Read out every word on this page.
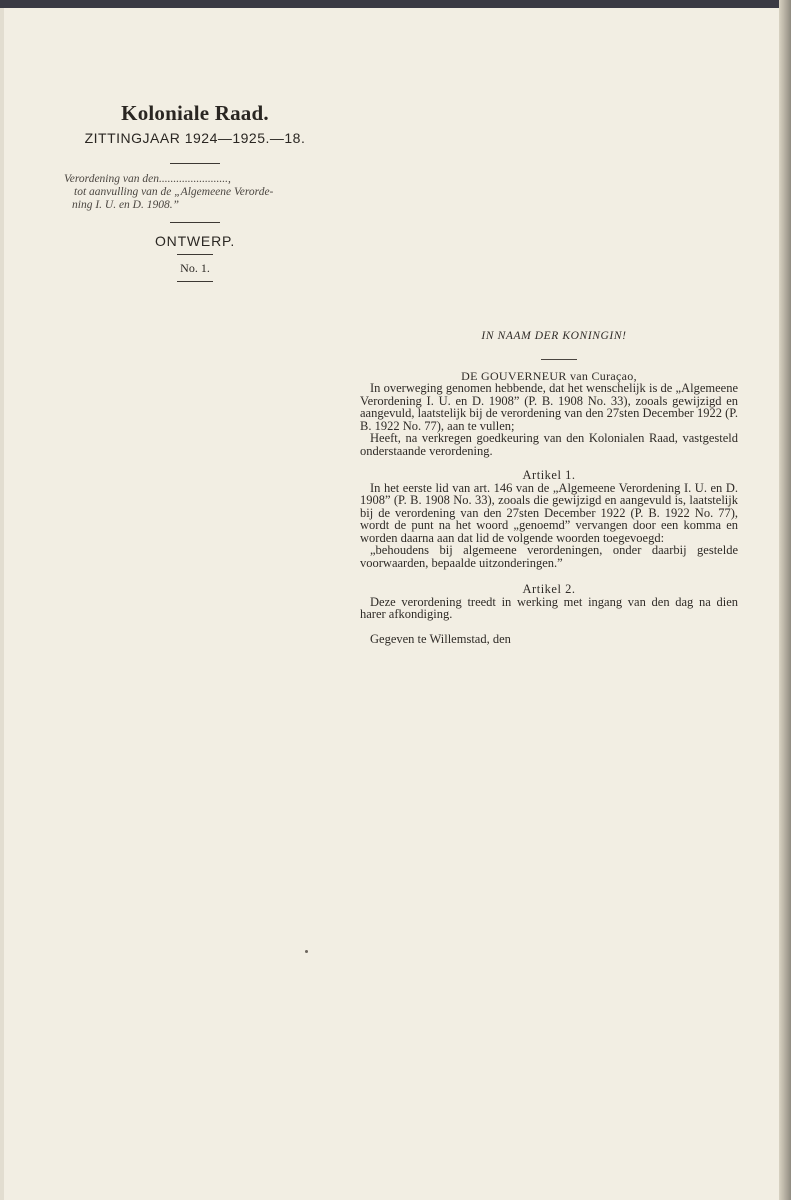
Koloniale Raad.
ZITTINGJAAR 1924—1925.—18.
Verordening van den........................,
tot aanvulling van de „Algemeene Verorde-
ning I. U. en D. 1908.”
ONTWERP.
No. 1.
IN NAAM DER KONINGIN!
DE GOUVERNEUR van Curaçao,

In overweging genomen hebbende, dat het wenschelijk is de „Algemeene Verordening I. U. en D. 1908” (P. B. 1908 No. 33), zooals gewijzigd en aangevuld, laatstelijk bij de verordening van den 27sten December 1922 (P. B. 1922 No. 77), aan te vullen;

Heeft, na verkregen goedkeuring van den Kolonialen Raad, vastgesteld onderstaande verordening.

Artikel 1.

In het eerste lid van art. 146 van de „Algemeene Verordening I. U. en D. 1908” (P. B. 1908 No. 33), zooals die gewijzigd en aangevuld is, laatstelijk bij de verordening van den 27sten December 1922 (P. B. 1922 No. 77), wordt de punt na het woord „genoemd” vervangen door een komma en worden daarna aan dat lid de volgende woorden toegevoegd:

„behoudens bij algemeene verordeningen, onder daarbij gestelde voorwaarden, bepaalde uitzonderingen.”

Artikel 2.

Deze verordening treedt in werking met ingang van den dag na dien harer afkondiging.

Gegeven te Willemstad, den
